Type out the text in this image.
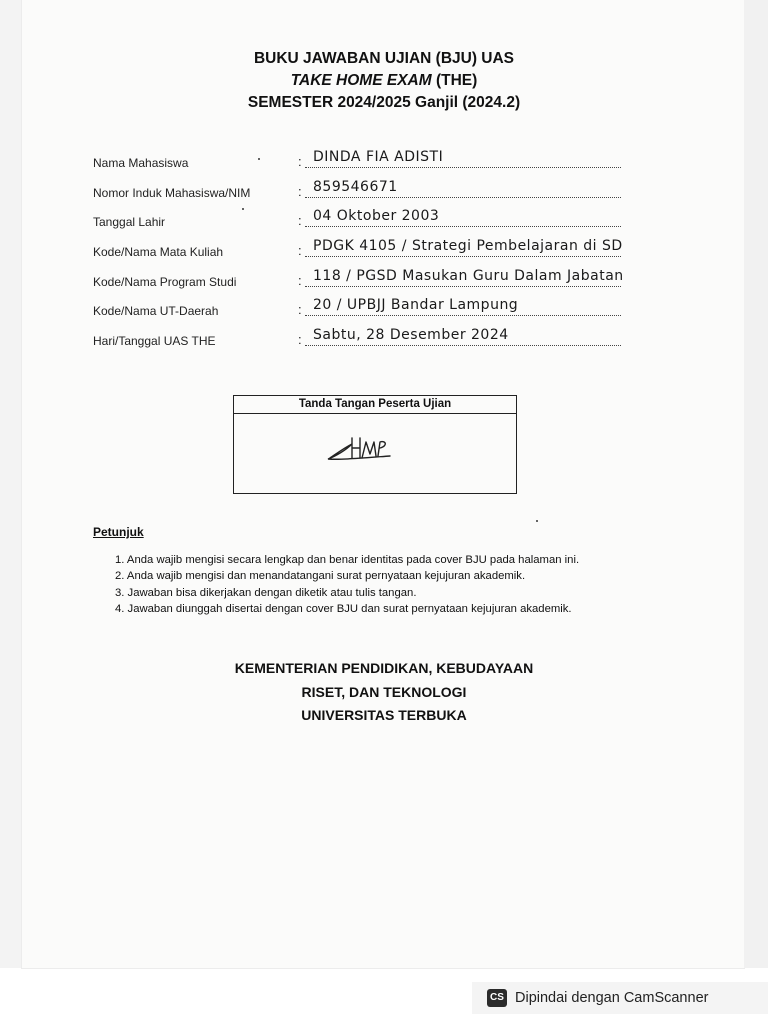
BUKU JAWABAN UJIAN (BJU) UAS
TAKE HOME EXAM (THE)
SEMESTER 2024/2025 Ganjil (2024.2)
Nama Mahasiswa	: DINDA FIA ADISTI
Nomor Induk Mahasiswa/NIM	: 859546671
Tanggal Lahir	: 04 Oktober 2003
Kode/Nama Mata Kuliah	: PDGK 4105 / Strategi Pembelajaran di SD
Kode/Nama Program Studi	: 118 / PGSD Masukan Guru Dalam Jabatan
Kode/Nama UT-Daerah	: 20 / UPBJJ Bandar Lampung
Hari/Tanggal UAS THE	: Sabtu, 28 Desember 2024
Tanda Tangan Peserta Ujian
Petunjuk
1. Anda wajib mengisi secara lengkap dan benar identitas pada cover BJU pada halaman ini.
2. Anda wajib mengisi dan menandatangani surat pernyataan kejujuran akademik.
3. Jawaban bisa dikerjakan dengan diketik atau tulis tangan.
4. Jawaban diunggah disertai dengan cover BJU dan surat pernyataan kejujuran akademik.
KEMENTERIAN PENDIDIKAN, KEBUDAYAAN
RISET, DAN TEKNOLOGI
UNIVERSITAS TERBUKA
CS Dipindai dengan CamScanner
